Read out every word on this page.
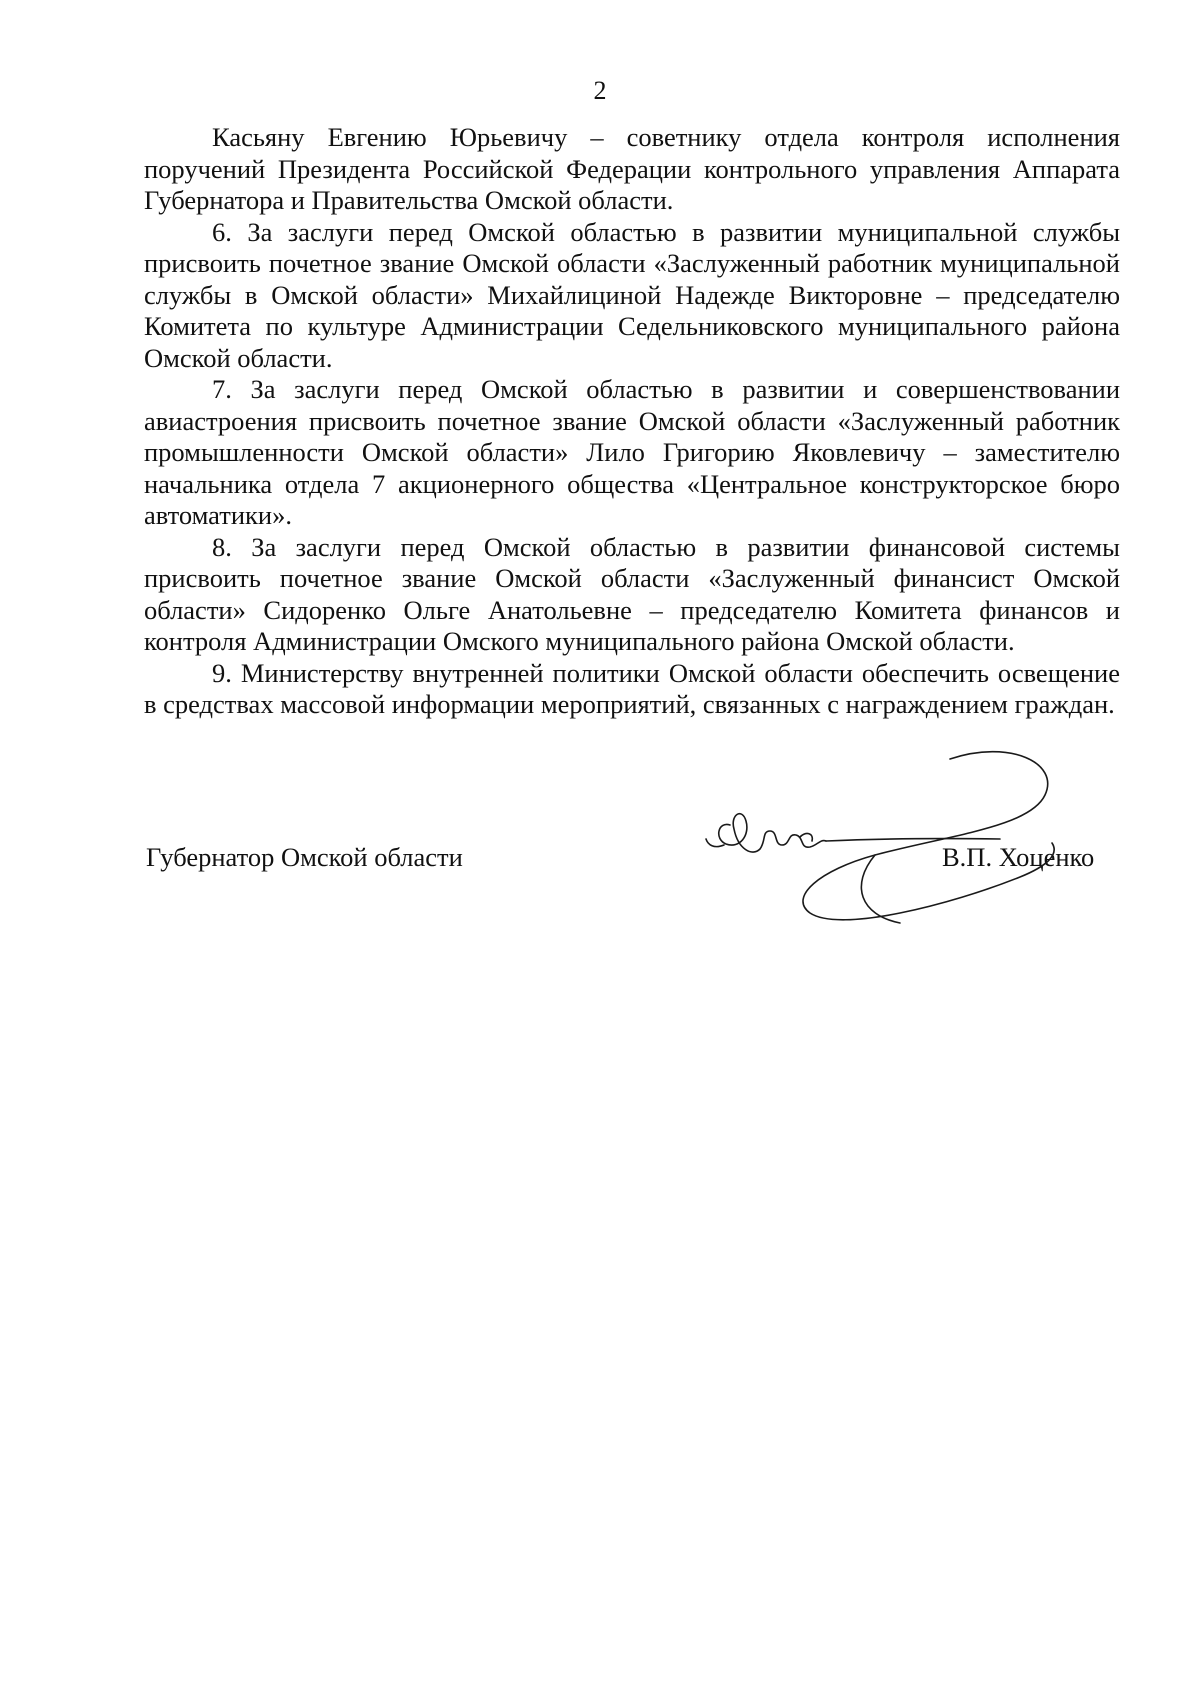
2

Касьяну Евгению Юрьевичу – советнику отдела контроля исполнения поручений Президента Российской Федерации контрольного управления Аппарата Губернатора и Правительства Омской области.

6. За заслуги перед Омской областью в развитии муниципальной службы присвоить почетное звание Омской области «Заслуженный работник муниципальной службы в Омской области» Михайлициной Надежде Викторовне – председателю Комитета по культуре Администрации Седельниковского муниципального района Омской области.

7. За заслуги перед Омской областью в развитии и совершенствовании авиастроения присвоить почетное звание Омской области «Заслуженный работник промышленности Омской области» Лило Григорию Яковлевичу – заместителю начальника отдела 7 акционерного общества «Центральное конструкторское бюро автоматики».

8. За заслуги перед Омской областью в развитии финансовой системы присвоить почетное звание Омской области «Заслуженный финансист Омской области» Сидоренко Ольге Анатольевне – председателю Комитета финансов и контроля Администрации Омского муниципального района Омской области.

9. Министерству внутренней политики Омской области обеспечить освещение в средствах массовой информации мероприятий, связанных с награждением граждан.

Губернатор Омской области	В.П. Хоценко
